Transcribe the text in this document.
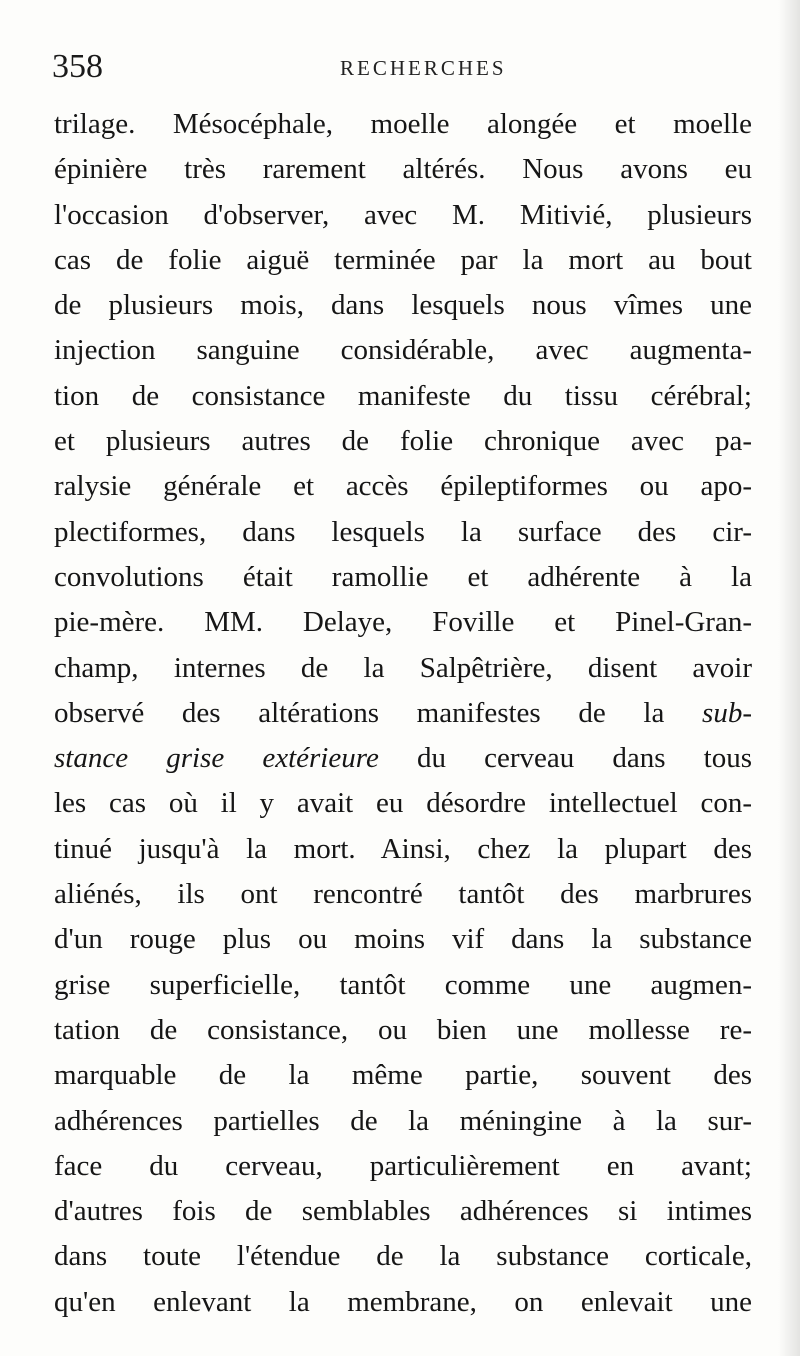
358	RECHERCHES
trilage. Mésocéphale, moelle alongée et moelle
épinière très rarement altérés. Nous avons eu
l'occasion d'observer, avec M. Mitivié, plusieurs
cas de folie aiguë terminée par la mort au bout
de plusieurs mois, dans lesquels nous vîmes une
injection sanguine considérable, avec augmenta-
tion de consistance manifeste du tissu cérébral;
et plusieurs autres de folie chronique avec pa-
ralysie générale et accès épileptiformes ou apo-
plectiformes, dans lesquels la surface des cir-
convolutions était ramollie et adhérente à la
pie-mère. MM. Delaye, Foville et Pinel-Gran-
champ, internes de la Salpêtrière, disent avoir
observé des altérations manifestes de la sub-
stance grise extérieure du cerveau dans tous
les cas où il y avait eu désordre intellectuel con-
tinué jusqu'à la mort. Ainsi, chez la plupart des
aliénés, ils ont rencontré tantôt des marbrures
d'un rouge plus ou moins vif dans la substance
grise superficielle, tantôt comme une augmen-
tation de consistance, ou bien une mollesse re-
marquable de la même partie, souvent des
adhérences partielles de la méningine à la sur-
face du cerveau, particulièrement en avant;
d'autres fois de semblables adhérences si intimes
dans toute l'étendue de la substance corticale,
qu'en enlevant la membrane, on enlevait une
